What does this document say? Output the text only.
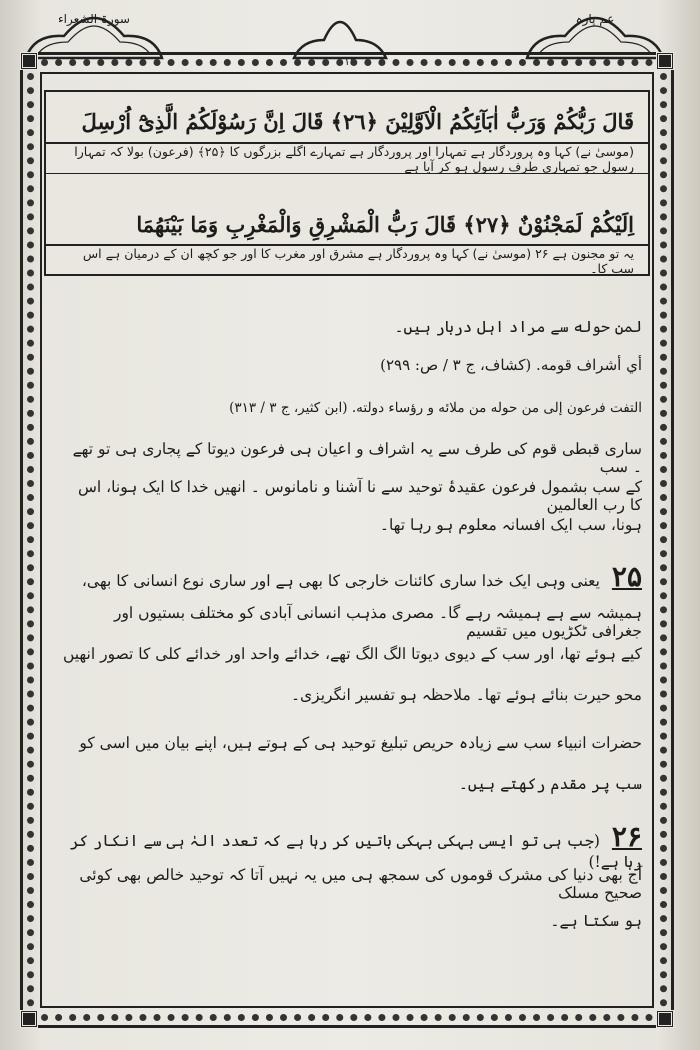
سورۃ الشعراء
١٩
عم پارہ
قَالَ رَبُّكُمْ وَرَبُّ اٰبَآئِكُمُ الْاَوَّلِيْنَ ﴿٢٦﴾ قَالَ اِنَّ رَسُوْلَكُمُ الَّذِىْٓ اُرْسِلَ
(موسیٰ نے) کہا وہ پروردگار ہے تمہارا اور پروردگار ہے تمہارے اگلے بزرگوں کا ﴿۲۵﴾ (فرعون) بولا کہ تمہارا رسول جو تمہاری طرف رسول ہو کر آیا ہے
اِلَيْكُمْ لَمَجْنُوْنٌ ﴿٢٧﴾ قَالَ رَبُّ الْمَشْرِقِ وَالْمَغْرِبِ وَمَا بَيْنَهُمَا
یہ تو مجنون ہے ۲۶ (موسیٰ نے) کہا وہ پروردگار ہے مشرق اور مغرب کا اور جو کچھ ان کے درمیان ہے اس سب کا۔
لمن حوله سے مراد اہل دربار ہیں۔
أي أشراف قومه. (کشاف، ج ۳ / ص: ۲۹۹)
التفت فرعون إلى من حوله من ملائه و رؤساء دولته. (ابن کثیر، ج ۳ / ۳۱۳)
ساری قبطی قوم کی طرف سے یہ اشراف و اعیان ہی فرعون دیوتا کے پجاری ہی تو تھے ۔ سب
کے سب بشمول فرعون عقیدۂ توحید سے نا آشنا و نامانوس ۔ انھیں خدا کا ایک ہونا، اس کا رب العالمین
ہونا، سب ایک افسانہ معلوم ہو رہا تھا۔
۲۵یعنی وہی ایک خدا ساری کائنات خارجی کا بھی ہے اور ساری نوع انسانی کا بھی،
ہمیشہ سے ہے ہمیشہ رہے گا۔ مصری مذہب انسانی آبادی کو مختلف بستیوں اور جغرافی ٹکڑیوں میں تقسیم
کیے ہوئے تھا، اور سب کے دیوی دیوتا الگ الگ تھے، خدائے واحد اور خدائے کلی کا تصور انھیں
محو حیرت بنائے ہوئے تھا۔ ملاحظہ ہو تفسیر انگریزی۔
حضرات انبیاء سب سے زیادہ حریص تبلیغ توحید ہی کے ہوتے ہیں، اپنے بیان میں اسی کو
سب پر مقدم رکھتے ہیں۔
۲۶(جب ہی تو ایسی بہکی بہکی باتیں کر رہا ہے کہ تعدد الہٰ ہی سے انکار کر رہا ہے!)
آج بھی دنیا کی مشرک قوموں کی سمجھ ہی میں یہ نہیں آتا کہ توحید خالص بھی کوئی صحیح مسلک
ہو سکتا ہے۔
